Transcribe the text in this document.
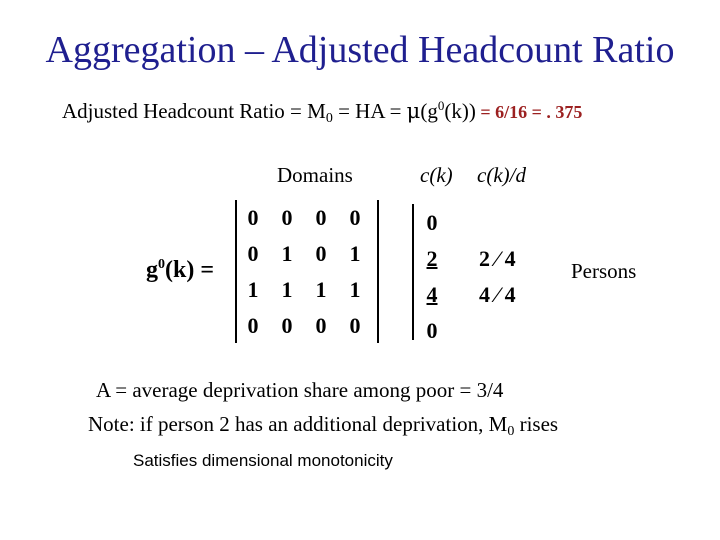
Aggregation – Adjusted Headcount Ratio
Adjusted Headcount Ratio = $M_0$ = HA = $\mu(g^0(k)) = 6/16$ = . 375
Domains	c(k) c(k)/d
$g^0(k)$ =
0 0 0 0
0 1 0 1
1 1 1 1
0 0 0 0
0
2
4
0
2 ⁄ 4
4 ⁄ 4
Persons
A = average deprivation share among poor = 3/4
Note: if person 2 has an additional deprivation, $M_0$ rises
Satisfies dimensional monotonicity
